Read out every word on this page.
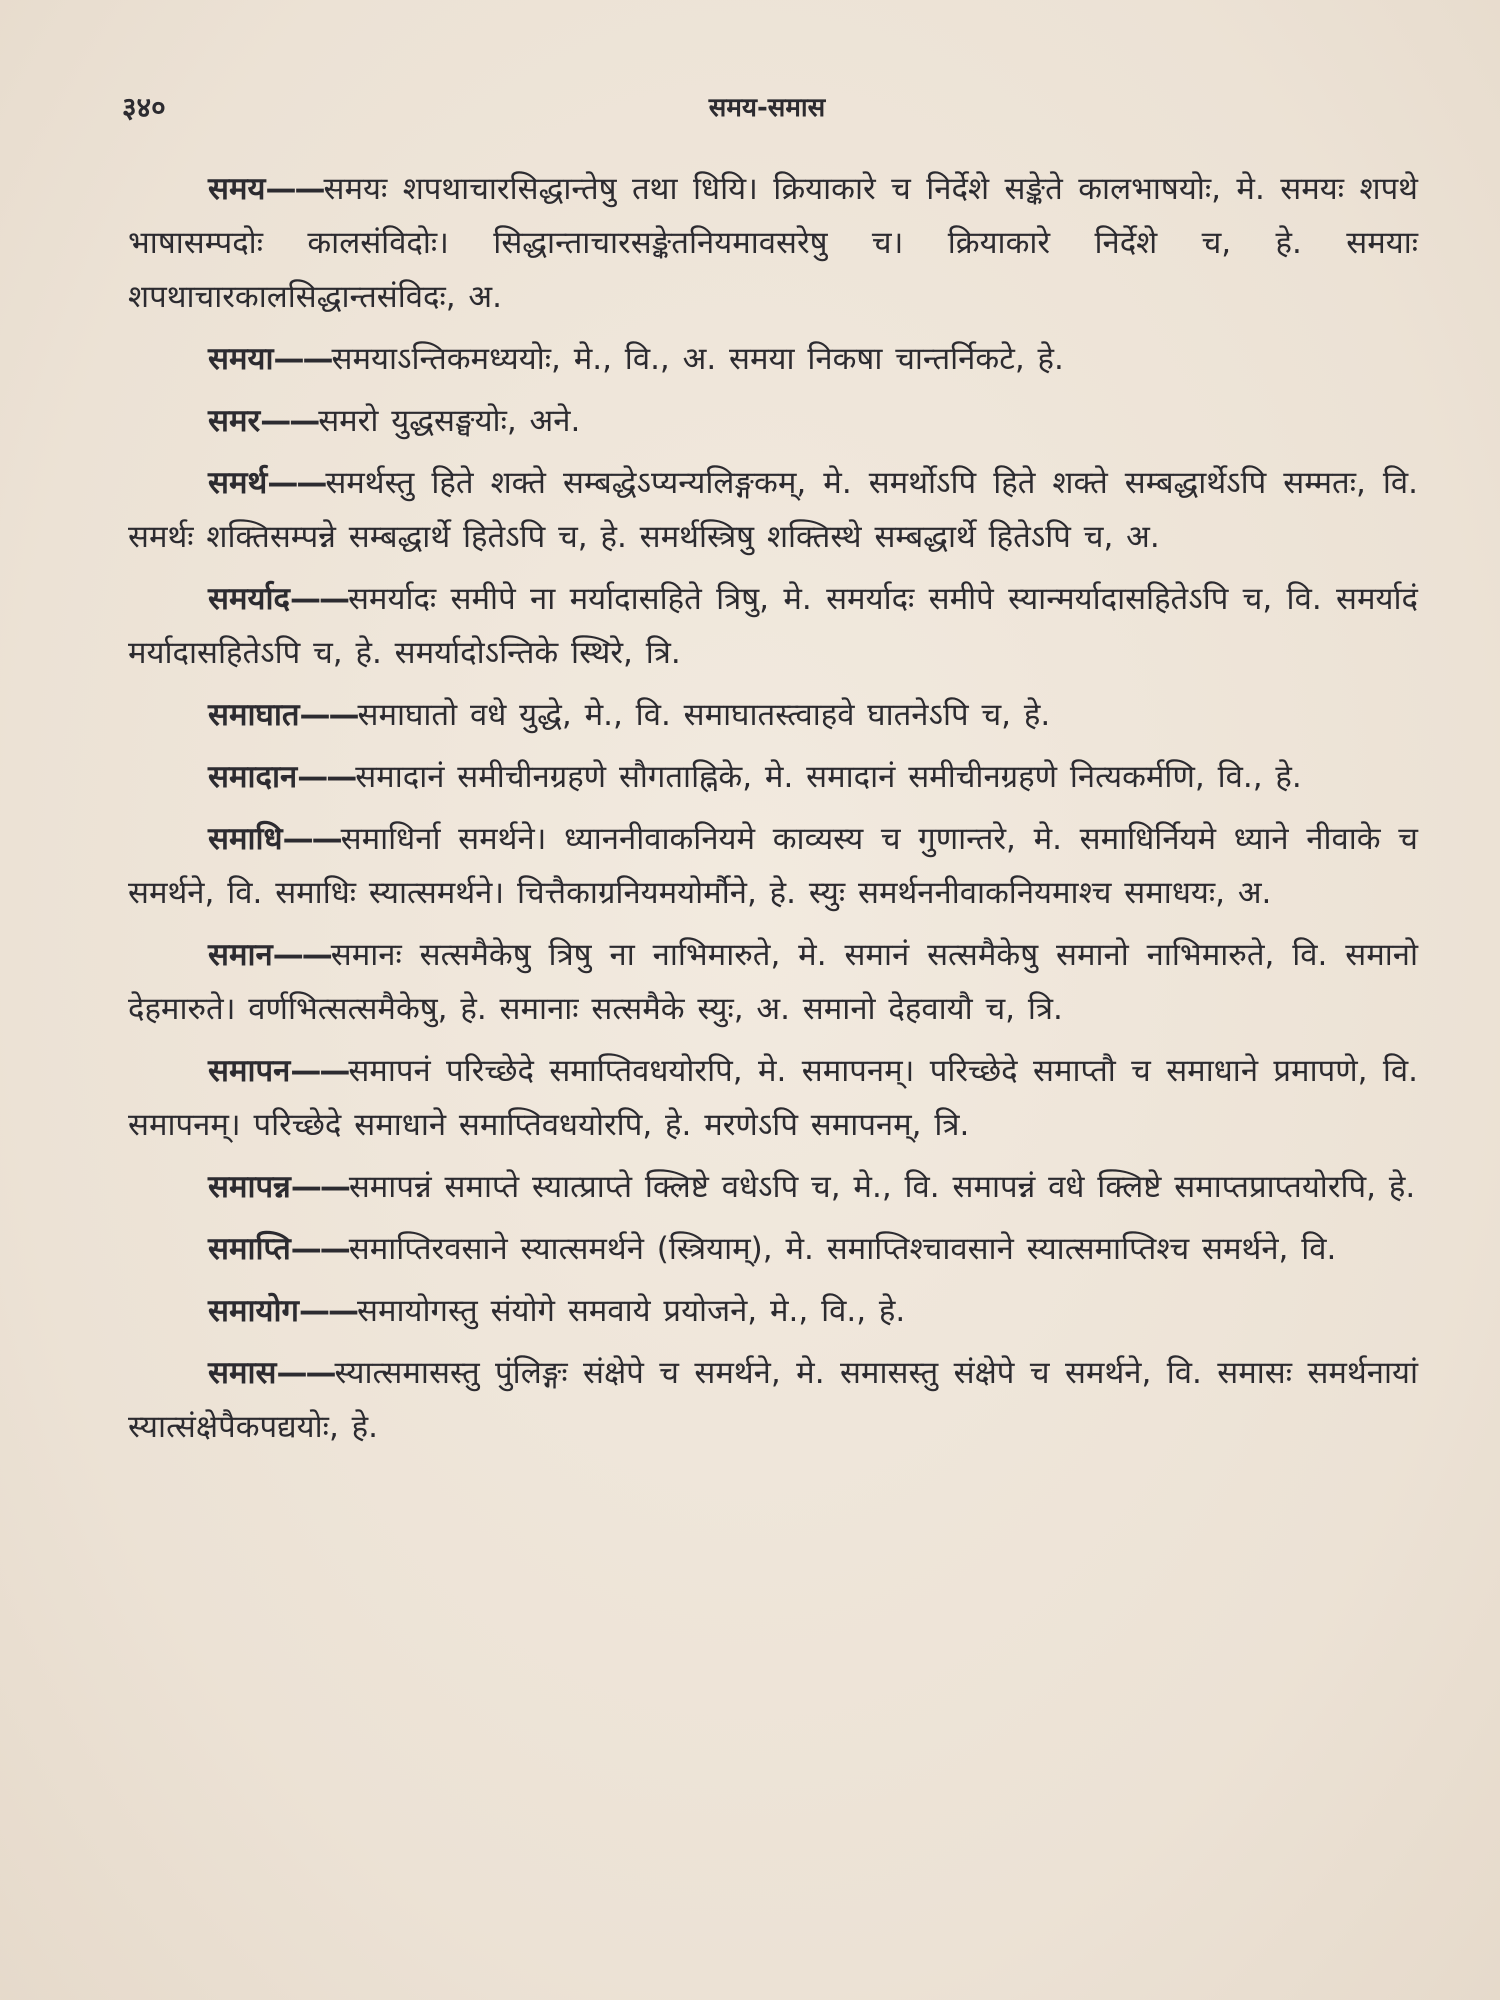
३४०	समय-समास

समय——समयः शपथाचारसिद्धान्तेषु तथा धियि। क्रियाकारे च निर्देशे सङ्केते कालभाषयोः, मे. समयः शपथे भाषासम्पदोः कालसंविदोः। सिद्धान्ताचारसङ्केतनियमावसरेषु च। क्रियाकारे निर्देशे च, हे. समयाः शपथाचारकालसिद्धान्तसंविदः, अ.

समया——समयाऽन्तिकमध्ययोः, मे., वि., अ. समया निकषा चान्तर्निकटे, हे.

समर——समरो युद्धसङ्घयोः, अने.

समर्थ——समर्थस्तु हिते शक्ते सम्बद्धेऽप्यन्यलिङ्गकम्, मे. समर्थोऽपि हिते शक्ते सम्बद्धार्थेऽपि सम्मतः, वि. समर्थः शक्तिसम्पन्ने सम्बद्धार्थे हितेऽपि च, हे. समर्थस्त्रिषु शक्तिस्थे सम्बद्धार्थे हितेऽपि च, अ.

समर्याद——समर्यादः समीपे ना मर्यादासहिते त्रिषु, मे. समर्यादः समीपे स्यान्मर्यादासहितेऽपि च, वि. समर्यादं मर्यादासहितेऽपि च, हे. समर्यादोऽन्तिके स्थिरे, त्रि.

समाघात——समाघातो वधे युद्धे, मे., वि. समाघातस्त्वाहवे घातनेऽपि च, हे.

समादान——समादानं समीचीनग्रहणे सौगताह्निके, मे. समादानं समीचीनग्रहणे नित्यकर्मणि, वि., हे.

समाधि——समाधिर्ना समर्थने। ध्याननीवाकनियमे काव्यस्य च गुणान्तरे, मे. समाधिर्नियमे ध्याने नीवाके च समर्थने, वि. समाधिः स्यात्समर्थने। चित्तैकाग्रनियमयोर्मौने, हे. स्युः समर्थननीवाकनियमाश्च समाधयः, अ.

समान——समानः सत्समैकेषु त्रिषु ना नाभिमारुते, मे. समानं सत्समैकेषु समानो नाभिमारुते, वि. समानो देहमारुते। वर्णभित्सत्समैकेषु, हे. समानाः सत्समैके स्युः, अ. समानो देहवायौ च, त्रि.

समापन——समापनं परिच्छेदे समाप्तिवधयोरपि, मे. समापनम्। परिच्छेदे समाप्तौ च समाधाने प्रमापणे, वि. समापनम्। परिच्छेदे समाधाने समाप्तिवधयोरपि, हे. मरणेऽपि समापनम्, त्रि.

समापन्न——समापन्नं समाप्ते स्यात्प्राप्ते क्लिष्टे वधेऽपि च, मे., वि. समापन्नं वधे क्लिष्टे समाप्तप्राप्तयोरपि, हे.

समाप्ति——समाप्तिरवसाने स्यात्समर्थने (स्त्रियाम्), मे. समाप्तिश्चावसाने स्यात्समाप्तिश्च समर्थने, वि.

समायोग——समायोगस्तु संयोगे समवाये प्रयोजने, मे., वि., हे.

समास——स्यात्समासस्तु पुंलिङ्गः संक्षेपे च समर्थने, मे. समासस्तु संक्षेपे च समर्थने, वि. समासः समर्थनायां स्यात्संक्षेपैकपद्ययोः, हे.
